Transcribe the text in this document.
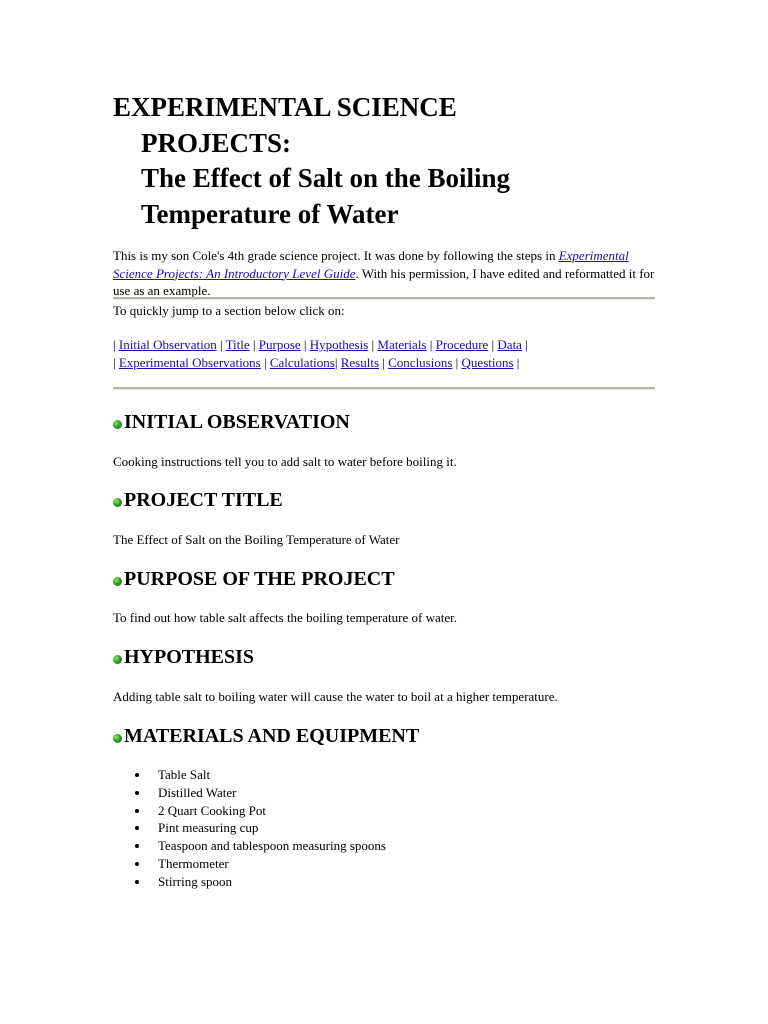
EXPERIMENTAL SCIENCE
PROJECTS:
The Effect of Salt on the Boiling
Temperature of Water
This is my son Cole's 4th grade science project. It was done by following the steps in Experimental Science Projects: An Introductory Level Guide. With his permission, I have edited and reformatted it for use as an example.
To quickly jump to a section below click on:
| Initial Observation | Title | Purpose | Hypothesis | Materials | Procedure | Data |
| Experimental Observations | Calculations| Results | Conclusions | Questions |
INITIAL OBSERVATION
Cooking instructions tell you to add salt to water before boiling it.
PROJECT TITLE
The Effect of Salt on the Boiling Temperature of Water
PURPOSE OF THE PROJECT
To find out how table salt affects the boiling temperature of water.
HYPOTHESIS
Adding table salt to boiling water will cause the water to boil at a higher temperature.
MATERIALS AND EQUIPMENT
Table Salt
Distilled Water
2 Quart Cooking Pot
Pint measuring cup
Teaspoon and tablespoon measuring spoons
Thermometer
Stirring spoon
